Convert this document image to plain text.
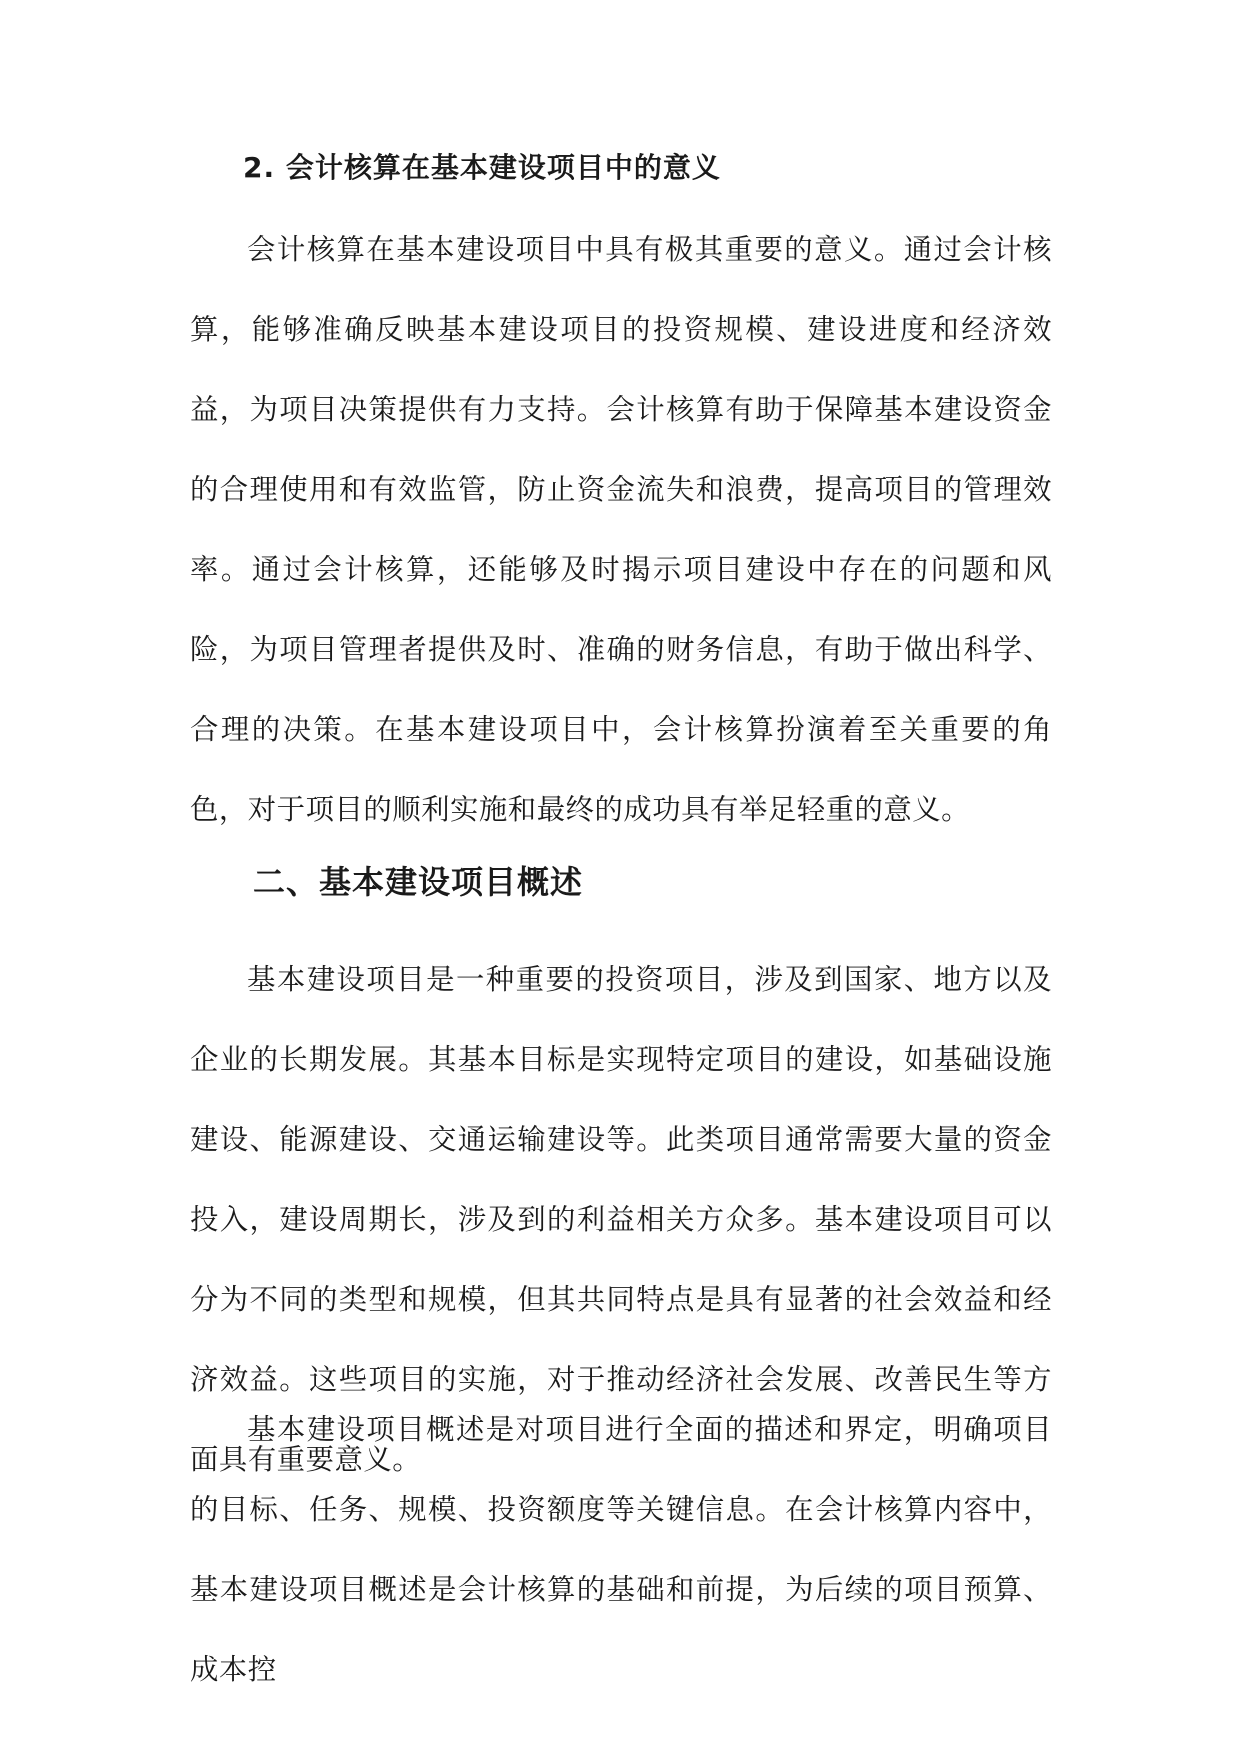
2. 会计核算在基本建设项目中的意义

会计核算在基本建设项目中具有极其重要的意义。通过会计核算，能够准确反映基本建设项目的投资规模、建设进度和经济效益，为项目决策提供有力支持。会计核算有助于保障基本建设资金的合理使用和有效监管，防止资金流失和浪费，提高项目的管理效率。通过会计核算，还能够及时揭示项目建设中存在的问题和风险，为项目管理者提供及时、准确的财务信息，有助于做出科学、合理的决策。在基本建设项目中，会计核算扮演着至关重要的角色，对于项目的顺利实施和最终的成功具有举足轻重的意义。

二、基本建设项目概述

基本建设项目是一种重要的投资项目，涉及到国家、地方以及企业的长期发展。其基本目标是实现特定项目的建设，如基础设施建设、能源建设、交通运输建设等。此类项目通常需要大量的资金投入，建设周期长，涉及到的利益相关方众多。基本建设项目可以分为不同的类型和规模，但其共同特点是具有显著的社会效益和经济效益。这些项目的实施，对于推动经济社会发展、改善民生等方面具有重要意义。

基本建设项目概述是对项目进行全面的描述和界定，明确项目的目标、任务、规模、投资额度等关键信息。在会计核算内容中，基本建设项目概述是会计核算的基础和前提，为后续的项目预算、成本控
